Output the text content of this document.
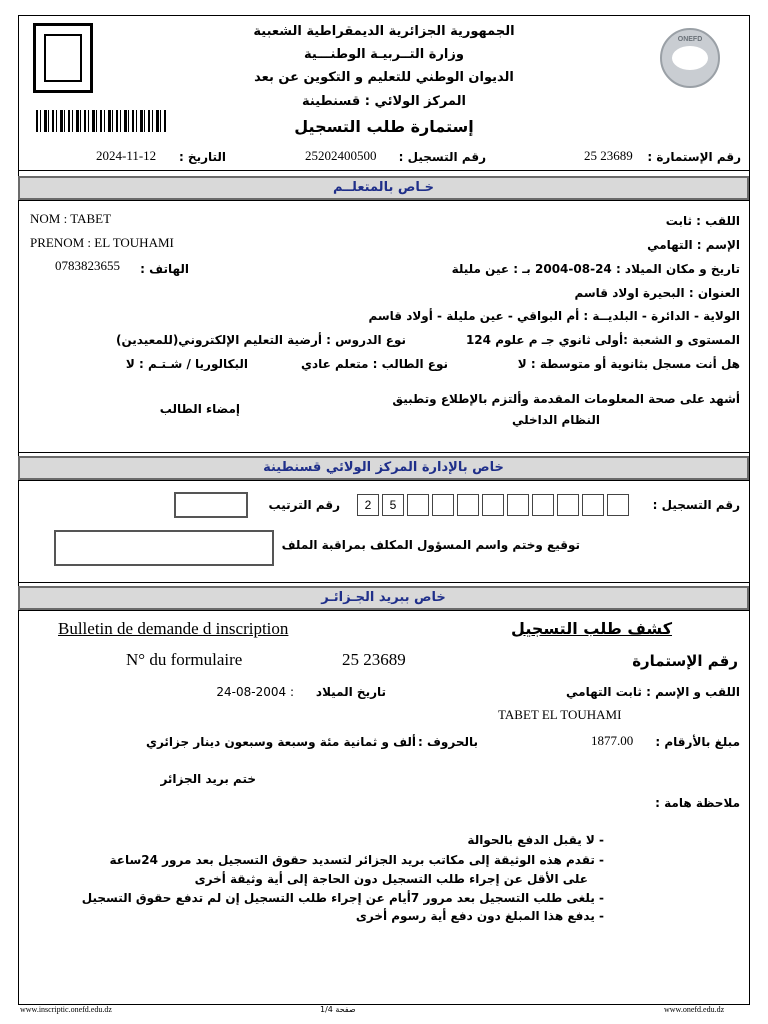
ONEFD
الجمهورية الجزائرية الديمقراطية الشعبية
وزارة التــربيـة الوطنـــية
الديوان الوطني للتعليم و التكوين عن بعد
المركز الولائي : قسنطينة
إستمارة طلب التسجيل
رقم الإستمارة :
25 23689
رقم التسجيل :
25202400500
التاريخ :
2024-11-12
خـاص بالمتعلــم
NOM : TABET
PRENOM : EL TOUHAMI
اللقب : ثابت
الإسم : التهامي
تاريخ و مكان الميلاد : 24-08-2004 بـ : عين مليلة
الهاتف :
0783823655
العنوان : البحيرة اولاد قاسم
الولاية - الدائرة - البلديــة : أم البواقي - عين مليلة - أولاد قاسم
المستوى و الشعبة :أولى ثانوي جـ م علوم 124
نوع الدروس : أرضية التعليم الإلكتروني(للمعيدين)
هل أنت مسجل بثانوية أو متوسطة : لا
نوع الطالب : متعلم عادي
البكالوريا / شـتـم : لا
أشهد على صحة المعلومات المقدمة وألتزم بالإطلاع وتطبيق
النظام الداخلي
إمضاء الطالب
خاص بالإدارة المركز الولائي قسنطينة
رقم التسجيل :
2	5
رقم الترتيب
توقيع وختم واسم المسؤول المكلف بمراقبة الملف
خاص ببريد الجـزائـر
Bulletin de demande d inscription	كشف طلب التسجيل
N° du formulaire	25 23689	رقم الإستمارة
اللقب و الإسم : ثابت التهامي
تاريخ الميلاد
: 24-08-2004
TABET EL TOUHAMI
مبلغ بالأرقام :
1877.00
بالحروف :
ألف و ثمانية مئة وسبعة وسبعون دينار جزائري
ختم بريد الجزائر
ملاحظة هامة :
- لا يقبل الدفع بالحوالة
- تقدم هذه الوثيقة إلى مكاتب بريد الجزائر لتسديد حقوق التسجيل بعد مرور 24ساعة
على الأقل عن إجراء طلب التسجيل دون الحاجة إلى أية وثيقة أخرى
- يلغى طلب التسجيل بعد مرور 7أيام عن إجراء طلب التسجيل إن لم تدفع حقوق التسجيل
- يدفع هذا المبلغ دون دفع أية رسوم أخرى
www.inscriptic.onefd.edu.dz	صفحة 1/4	www.onefd.edu.dz
